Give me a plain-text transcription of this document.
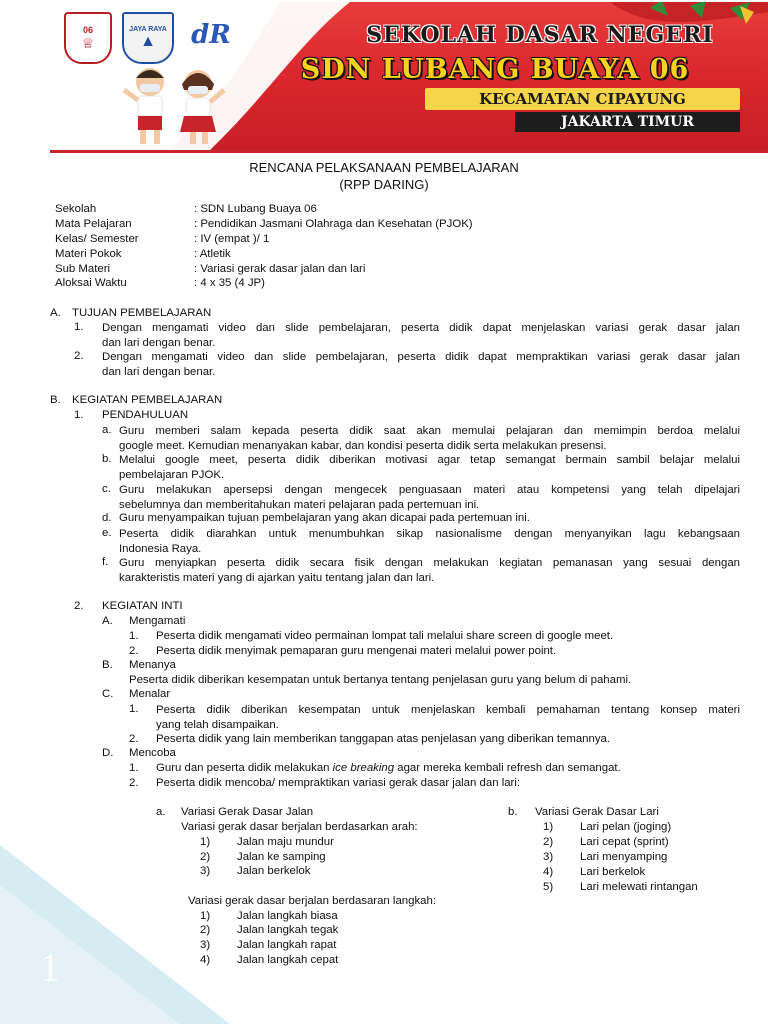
06
♕
JAYA RAYA
▲ dR	SEKOLAH DASAR NEGERI
SDN LUBANG BUAYA 06
KECAMATAN CIPAYUNG
JAKARTA TIMUR
RENCANA PELAKSANAAN PEMBELAJARAN
(RPP DARING)
Sekolah	: SDN Lubang Buaya 06
Mata Pelajaran	: Pendidikan Jasmani Olahraga dan Kesehatan (PJOK)
Kelas/ Semester	: IV (empat )/ 1
Materi Pokok	: Atletik
Sub Materi	: Variasi gerak dasar jalan dan lari
Aloksai Waktu	: 4 x 35 (4 JP)
A. TUJUAN PEMBELAJARAN
1. Dengan mengamati video dan slide pembelajaran, peserta didik dapat menjelaskan variasi gerak dasar jalan
dan lari dengan benar.
2. Dengan mengamati video dan slide pembelajaran, peserta didik dapat mempraktikan variasi gerak dasar jalan
dan lari dengan benar.
B. KEGIATAN PEMBELAJARAN
1. PENDAHULUAN
a. Guru memberi salam kepada peserta didik saat akan memulai pelajaran dan memimpin berdoa melalui
google meet. Kemudian menanyakan kabar, dan kondisi peserta didik serta melakukan presensi.
b. Melalui google meet, peserta didik diberikan motivasi agar tetap semangat bermain sambil belajar melalui
pembelajaran PJOK.
c. Guru melakukan apersepsi dengan mengecek penguasaan materi atau kompetensi yang telah dipelajari
sebelumnya dan memberitahukan materi pelajaran pada pertemuan ini.
d. Guru menyampaikan tujuan pembelajaran yang akan dicapai pada pertemuan ini.
e. Peserta didik diarahkan untuk menumbuhkan sikap nasionalisme dengan menyanyikan lagu kebangsaan
Indonesia Raya.
f. Guru menyiapkan peserta didik secara fisik dengan melakukan kegiatan pemanasan yang sesuai dengan
karakteristis materi yang di ajarkan yaitu tentang jalan dan lari.
2. KEGIATAN INTI
A. Mengamati
1. Peserta didik mengamati video permainan lompat tali melalui share screen di google meet.
2. Peserta didik menyimak pemaparan guru mengenai materi melalui power point.
B. Menanya
Peserta didik diberikan kesempatan untuk bertanya tentang penjelasan guru yang belum di pahami.
C. Menalar
1. Peserta didik diberikan kesempatan untuk menjelaskan kembali pemahaman tentang konsep materi
yang telah disampaikan.
2. Peserta didik yang lain memberikan tanggapan atas penjelasan yang diberikan temannya.
D. Mencoba
1. Guru dan peserta didik melakukan ice breaking agar mereka kembali refresh dan semangat.
2. Peserta didik mencoba/ mempraktikan variasi gerak dasar jalan dan lari:
a. Variasi Gerak Dasar Jalan
Variasi gerak dasar berjalan berdasarkan arah:
1) Jalan maju mundur
2) Jalan ke samping
3) Jalan berkelok
Variasi gerak dasar berjalan berdasaran langkah:
1) Jalan langkah biasa
2) Jalan langkah tegak
3) Jalan langkah rapat
4) Jalan langkah cepat
b. Variasi Gerak Dasar Lari
1) Lari pelan (joging)
2) Lari cepat (sprint)
3) Lari menyamping
4) Lari berkelok
5) Lari melewati rintangan
1
